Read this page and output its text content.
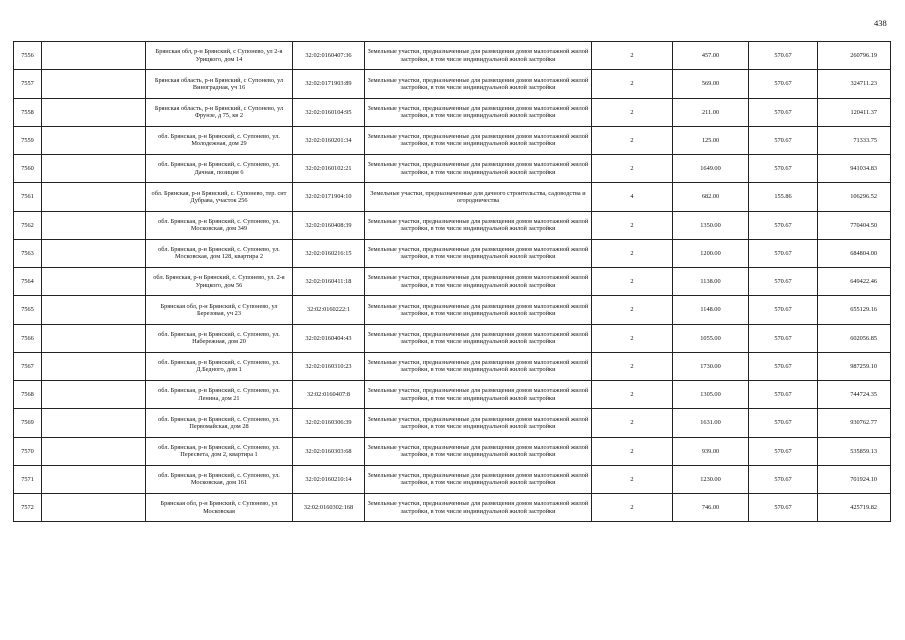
438
7556		Брянская обл, р-н Брянский, с Супонево, ул 2-я Урицкого, дом 14	32:02:0160407:36	Земельные участки, предназначенные для размещения домов малоэтажной жилой застройки, в том числе индивидуальной жилой застройки	2	457.00	570.67	260796.19
7557		Брянская область, р-н Брянский, с Супонево, ул Виноградная, уч 16	32:02:0171903:89	Земельные участки, предназначенные для размещения домов малоэтажной жилой застройки, в том числе индивидуальной жилой застройки	2	569.00	570.67	324711.23
7558		Брянская область, р-н Брянский, с Супонево, ул Фрунзе, д 75, кв 2	32:02:0160104:95	Земельные участки, предназначенные для размещения домов малоэтажной жилой застройки, в том числе индивидуальной жилой застройки	2	211.00	570.67	120411.37
7559		обл. Брянская, р-н Брянский, с. Супонево, ул. Молодежная, дом 29	32:02:0160201:34	Земельные участки, предназначенные для размещения домов малоэтажной жилой застройки, в том числе индивидуальной жилой застройки	2	125.00	570.67	71333.75
7560		обл. Брянская, р-н Брянский, с. Супонево, ул. Дачная, позиция 6	32:02:0160102:21	Земельные участки, предназначенные для размещения домов малоэтажной жилой застройки, в том числе индивидуальной жилой застройки	2	1649.00	570.67	941034.83
7561		обл. Брянская, р-н Брянский, с. Супонево, тер. снт Дубрава, участок 256	32:02:0171904:10	Земельные участки, предназначенные для дачного строительства, садоводства и огородничества	4	682.00	155.86	106296.52
7562		обл. Брянская, р-н Брянский, с. Супонево, ул. Московская, дом 349	32:02:0160408:39	Земельные участки, предназначенные для размещения домов малоэтажной жилой застройки, в том числе индивидуальной жилой застройки	2	1350.00	570.67	770404.50
7563		обл. Брянская, р-н Брянский, с. Супонево, ул. Московская, дом 128, квартира 2	32:02:0160216:15	Земельные участки, предназначенные для размещения домов малоэтажной жилой застройки, в том числе индивидуальной жилой застройки	2	1200.00	570.67	684804.00
7564		обл. Брянская, р-н Брянский, с. Супонево, ул. 2-я Урицкого, дом 56	32:02:0160411:18	Земельные участки, предназначенные для размещения домов малоэтажной жилой застройки, в том числе индивидуальной жилой застройки	2	1138.00	570.67	649422.46
7565		Брянская обл, р-н Брянский, с Супонево, ул Березовая, уч 23	32:02:0160222:1	Земельные участки, предназначенные для размещения домов малоэтажной жилой застройки, в том числе индивидуальной жилой застройки	2	1148.00	570.67	655129.16
7566		обл. Брянская, р-н Брянский, с. Супонево, ул. Набережная, дом 20	32:02:0160404:43	Земельные участки, предназначенные для размещения домов малоэтажной жилой застройки, в том числе индивидуальной жилой застройки	2	1055.00	570.67	602056.85
7567		обл. Брянская, р-н Брянский, с. Супонево, ул. Д.Бедного, дом 1	32:02:0160310:23	Земельные участки, предназначенные для размещения домов малоэтажной жилой застройки, в том числе индивидуальной жилой застройки	2	1730.00	570.67	987259.10
7568		обл. Брянская, р-н Брянский, с. Супонево, ул. Ленина, дом 21	32:02:0160407:8	Земельные участки, предназначенные для размещения домов малоэтажной жилой застройки, в том числе индивидуальной жилой застройки	2	1305.00	570.67	744724.35
7569		обл. Брянская, р-н Брянский, с. Супонево, ул. Первомайская, дом 28	32:02:0160306:39	Земельные участки, предназначенные для размещения домов малоэтажной жилой застройки, в том числе индивидуальной жилой застройки	2	1631.00	570.67	930762.77
7570		обл. Брянская, р-н Брянский, с. Супонево, ул. Пересвета, дом 2, квартира 1	32:02:0160303:68	Земельные участки, предназначенные для размещения домов малоэтажной жилой застройки, в том числе индивидуальной жилой застройки	2	939.00	570.67	535859.13
7571		обл. Брянская, р-н Брянский, с. Супонево, ул. Московская, дом 161	32:02:0160210:14	Земельные участки, предназначенные для размещения домов малоэтажной жилой застройки, в том числе индивидуальной жилой застройки	2	1230.00	570.67	701924.10
7572		Брянская обл, р-н Брянский, с Супонево, ул Московская	32:02:0160302:168	Земельные участки, предназначенные для размещения домов малоэтажной жилой застройки, в том числе индивидуальной жилой застройки	2	746.00	570.67	425719.82
